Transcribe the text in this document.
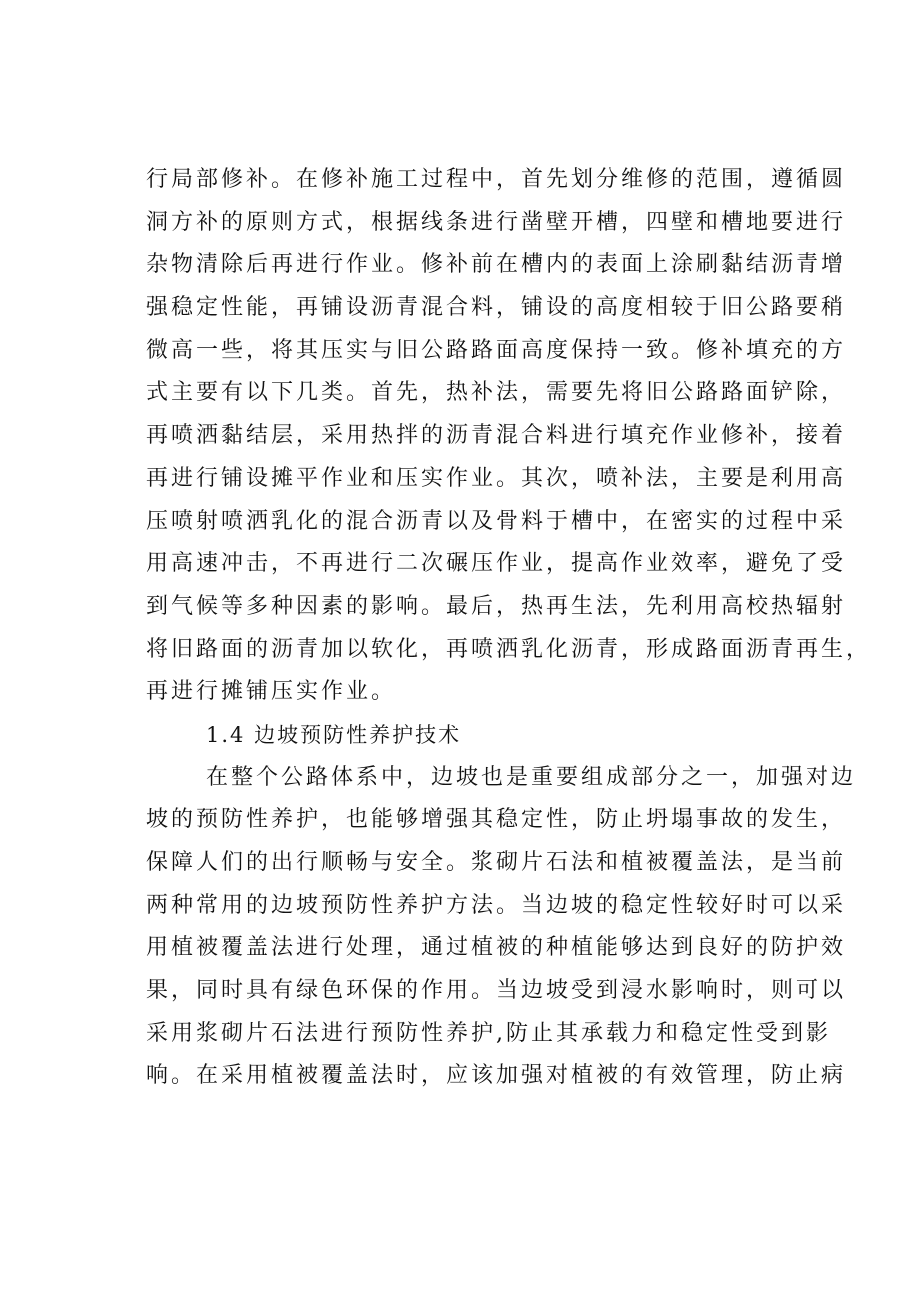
行局部修补。在修补施工过程中，首先划分维修的范围，遵循圆
洞方补的原则方式，根据线条进行凿壁开槽，四壁和槽地要进行
杂物清除后再进行作业。修补前在槽内的表面上涂刷黏结沥青增
强稳定性能，再铺设沥青混合料，铺设的高度相较于旧公路要稍
微高一些，将其压实与旧公路路面高度保持一致。修补填充的方
式主要有以下几类。首先，热补法，需要先将旧公路路面铲除，
再喷洒黏结层，采用热拌的沥青混合料进行填充作业修补，接着
再进行铺设摊平作业和压实作业。其次，喷补法，主要是利用高
压喷射喷洒乳化的混合沥青以及骨料于槽中，在密实的过程中采
用高速冲击，不再进行二次碾压作业，提高作业效率，避免了受
到气候等多种因素的影响。最后，热再生法，先利用高校热辐射
将旧路面的沥青加以软化，再喷洒乳化沥青，形成路面沥青再生，
再进行摊铺压实作业。
1.4 边坡预防性养护技术
在整个公路体系中，边坡也是重要组成部分之一，加强对边
坡的预防性养护，也能够增强其稳定性，防止坍塌事故的发生，
保障人们的出行顺畅与安全。浆砌片石法和植被覆盖法，是当前
两种常用的边坡预防性养护方法。当边坡的稳定性较好时可以采
用植被覆盖法进行处理，通过植被的种植能够达到良好的防护效
果，同时具有绿色环保的作用。当边坡受到浸水影响时，则可以
采用浆砌片石法进行预防性养护,防止其承载力和稳定性受到影
响。在采用植被覆盖法时，应该加强对植被的有效管理，防止病
